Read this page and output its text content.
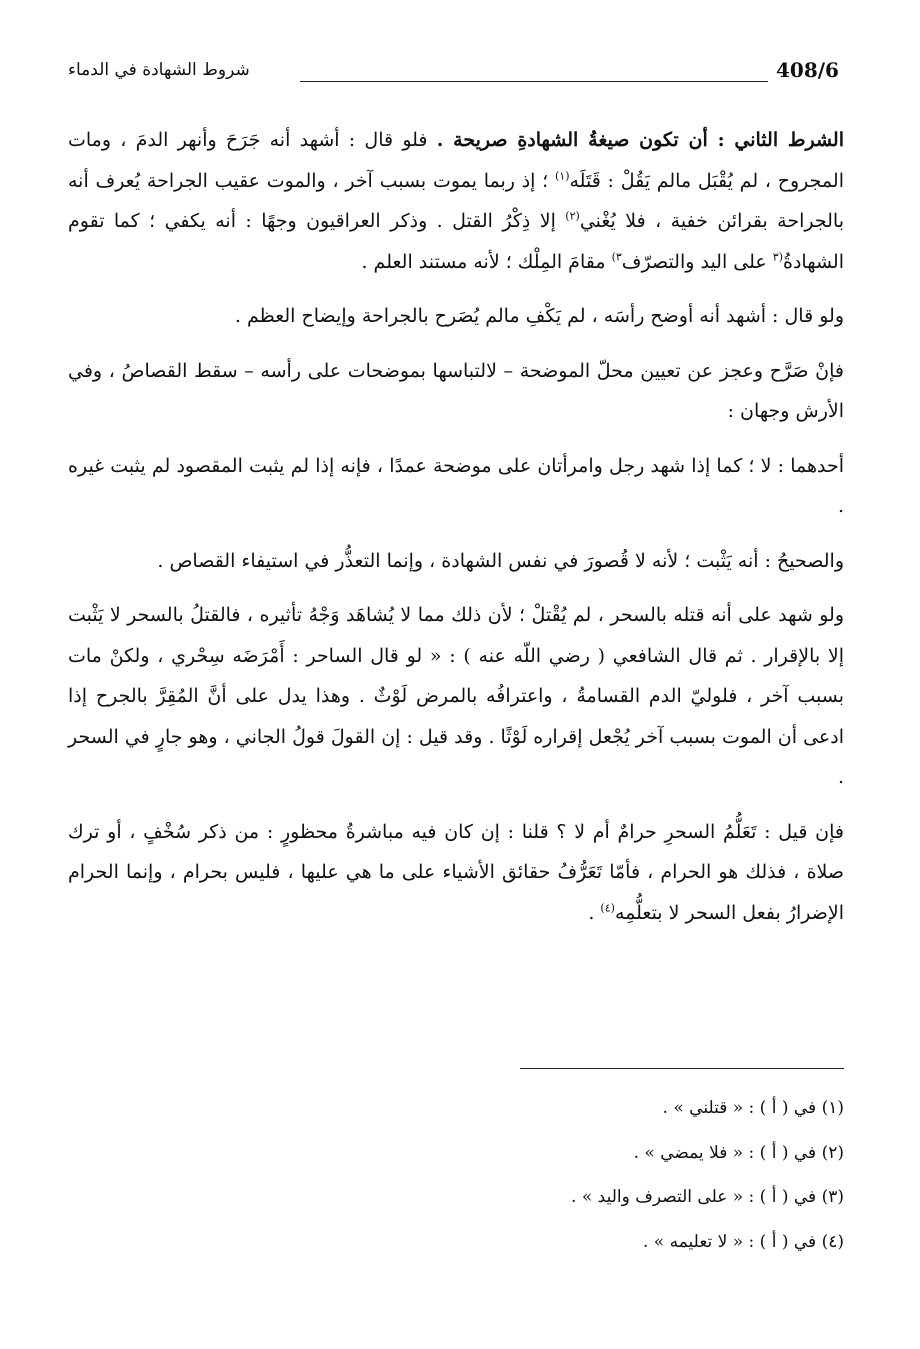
408/6
شروط الشهادة في الدماء

الشرط الثاني : أن تكون صيغةُ الشهادةِ صريحة . فلو قال : أشهد أنه جَرَحَ وأنهر الدمَ ، ومات المجروح ، لم يُقْبَل مالم يَقُلْ : قَتَلَه$^{(١)}$ ؛ إذ ربما يموت بسبب آخر ، والموت عقيب الجراحة يُعرف أنه بالجراحة بقرائن خفية ، فلا يُغْني$^{(٢)}$ إلا ذِكْرُ القتل . وذكر العراقيون وجهًا : أنه يكفي ؛ كما تقوم الشهادةُ$^{(٣}$ على اليد والتصرّف$^{٣)}$ مقامَ المِلْك ؛ لأنه مستند العلم .

ولو قال : أشهد أنه أوضح رأسَه ، لم يَكْفِ مالم يُصَرح بالجراحة وإيضاح العظم .

فإنْ صَرَّح وعجز عن تعيين محلّ الموضحة – لالتباسها بموضحات على رأسه – سقط القصاصُ ، وفي الأرش وجهان :

أحدهما : لا ؛ كما إذا شهد رجل وامرأتان على موضحة عمدًا ، فإنه إذا لم يثبت المقصود لم يثبت غيره .

والصحيحُ : أنه يَثْبت ؛ لأنه لا قُصورَ في نفس الشهادة ، وإنما التعذُّر في استيفاء القصاص .

ولو شهد على أنه قتله بالسحر ، لم يُقْتلْ ؛ لأن ذلك مما لا يُشاهَد وَجْهُ تأثيره ، فالقتلُ بالسحر لا يَثْبت إلا بالإقرار . ثم قال الشافعي ( رضي اللّه عنه ) : « لو قال الساحر : أَمْرَضَه سِحْري ، ولكنْ مات بسبب آخر ، فلوليّ الدم القسامةُ ، واعترافُه بالمرض لَوْثٌ . وهذا يدل على أنَّ المُقِرَّ بالجرح إذا ادعى أن الموت بسبب آخر يُجْعل إقراره لَوْثًا . وقد قيل : إن القولَ قولُ الجاني ، وهو جارٍ في السحر .

فإن قيل : تَعَلُّمُ السحرِ حرامٌ أم لا ؟ قلنا : إن كان فيه مباشرةُ محظورٍ : من ذكر سُخْفٍ ، أو ترك صلاة ، فذلك هو الحرام ، فأمّا تَعَرُّفُ حقائق الأشياء على ما هي عليها ، فليس بحرام ، وإنما الحرام الإضرارُ بفعل السحر لا بتعلُّمِه$^{(٤)}$ .

(١) في ( أ ) : « قتلني » .

(٢) في ( أ ) : « فلا يمضي » .

(٣) في ( أ ) : « على التصرف واليد » .

(٤) في ( أ ) : « لا تعليمه » .
